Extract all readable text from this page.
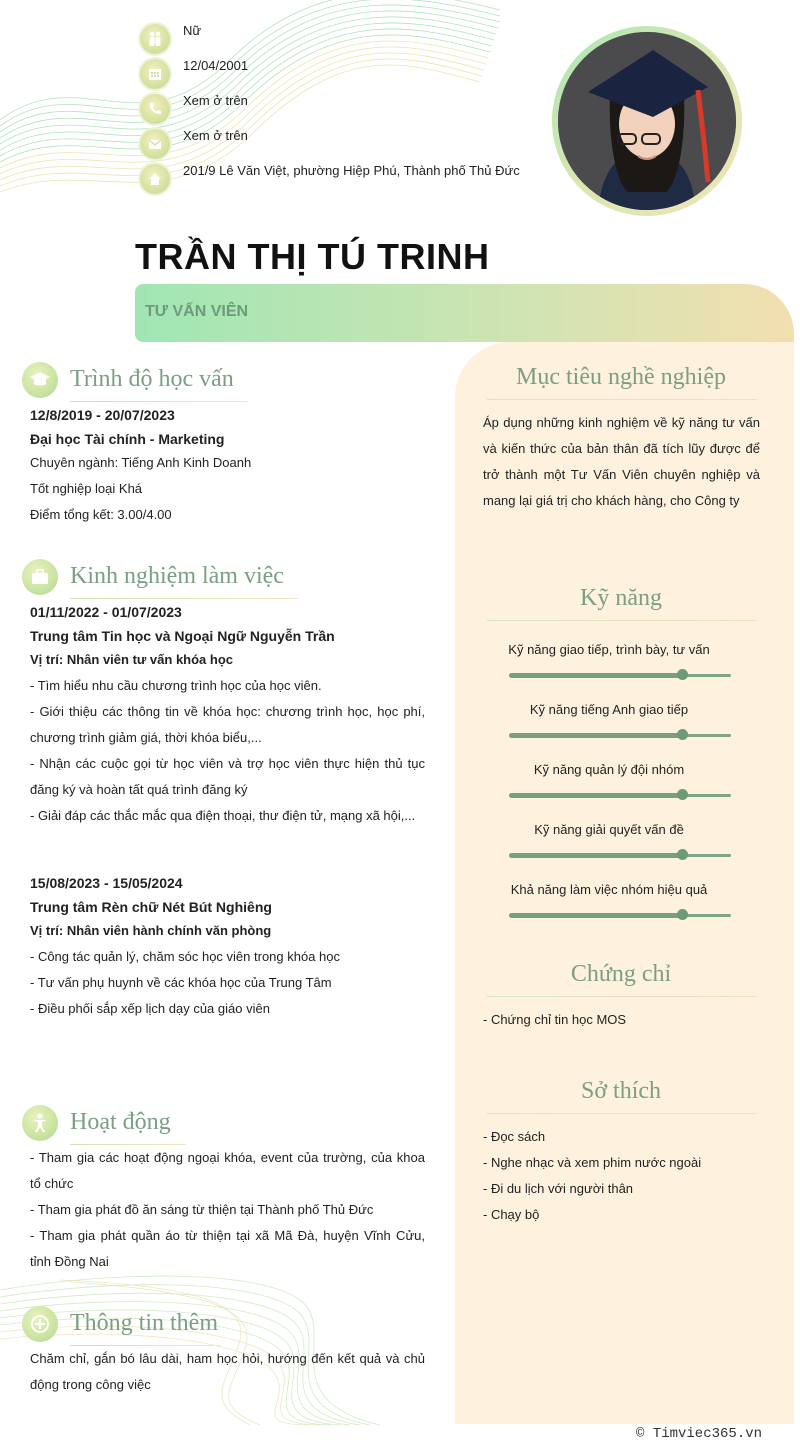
Nữ
12/04/2001
Xem ở trên
Xem ở trên
201/9 Lê Văn Việt, phường Hiệp Phú, Thành phố Thủ Đức
TRẦN THỊ TÚ TRINH
TƯ VẤN VIÊN
Trình độ học vấn
12/8/2019 - 20/07/2023
Đại học Tài chính - Marketing
Chuyên ngành: Tiếng Anh Kinh Doanh
Tốt nghiệp loại Khá
Điểm tổng kết: 3.00/4.00
Kinh nghiệm làm việc
01/11/2022 - 01/07/2023
Trung tâm Tin học và Ngoại Ngữ Nguyễn Trần
Vị trí: Nhân viên tư vấn khóa học
- Tìm hiểu nhu cầu chương trình học của học viên.
- Giới thiệu các thông tin về khóa học: chương trình học, học phí, chương trình giảm giá, thời khóa biểu,...
- Nhận các cuộc gọi từ học viên và trợ học viên thực hiện thủ tục đăng ký và hoàn tất quá trình đăng ký
- Giải đáp các thắc mắc qua điện thoại, thư điện tử, mạng xã hội,...
15/08/2023 - 15/05/2024
Trung tâm Rèn chữ Nét Bút Nghiêng
Vị trí: Nhân viên hành chính văn phòng
- Công tác quản lý, chăm sóc học viên trong khóa học
- Tư vấn phụ huynh về các khóa học của Trung Tâm
- Điều phối sắp xếp lịch dạy của giáo viên
Hoạt động
- Tham gia các hoạt động ngoại khóa, event của trường, của khoa tổ chức
- Tham gia phát đồ ăn sáng từ thiện tại Thành phố Thủ Đức
- Tham gia phát quần áo từ thiện tại xã Mã Đà, huyện Vĩnh Cửu, tỉnh Đồng Nai
Thông tin thêm
Chăm chỉ, gắn bó lâu dài, ham học hỏi, hướng đến kết quả và chủ động trong công việc
Mục tiêu nghề nghiệp
Áp dụng những kinh nghiệm về kỹ năng tư vấn và kiến thức của bản thân đã tích lũy được để trở thành một Tư Vấn Viên chuyên nghiệp và mang lại giá trị cho khách hàng, cho Công ty
Kỹ năng
Kỹ năng giao tiếp, trình bày, tư vấn
Kỹ năng tiếng Anh giao tiếp
Kỹ năng quản lý đội nhóm
Kỹ năng giải quyết vấn đề
Khả năng làm việc nhóm hiệu quả
Chứng chỉ
- Chứng chỉ tin học MOS
Sở thích
- Đọc sách
- Nghe nhạc và xem phim nước ngoài
- Đi du lịch với người thân
- Chạy bộ
© Timviec365.vn
